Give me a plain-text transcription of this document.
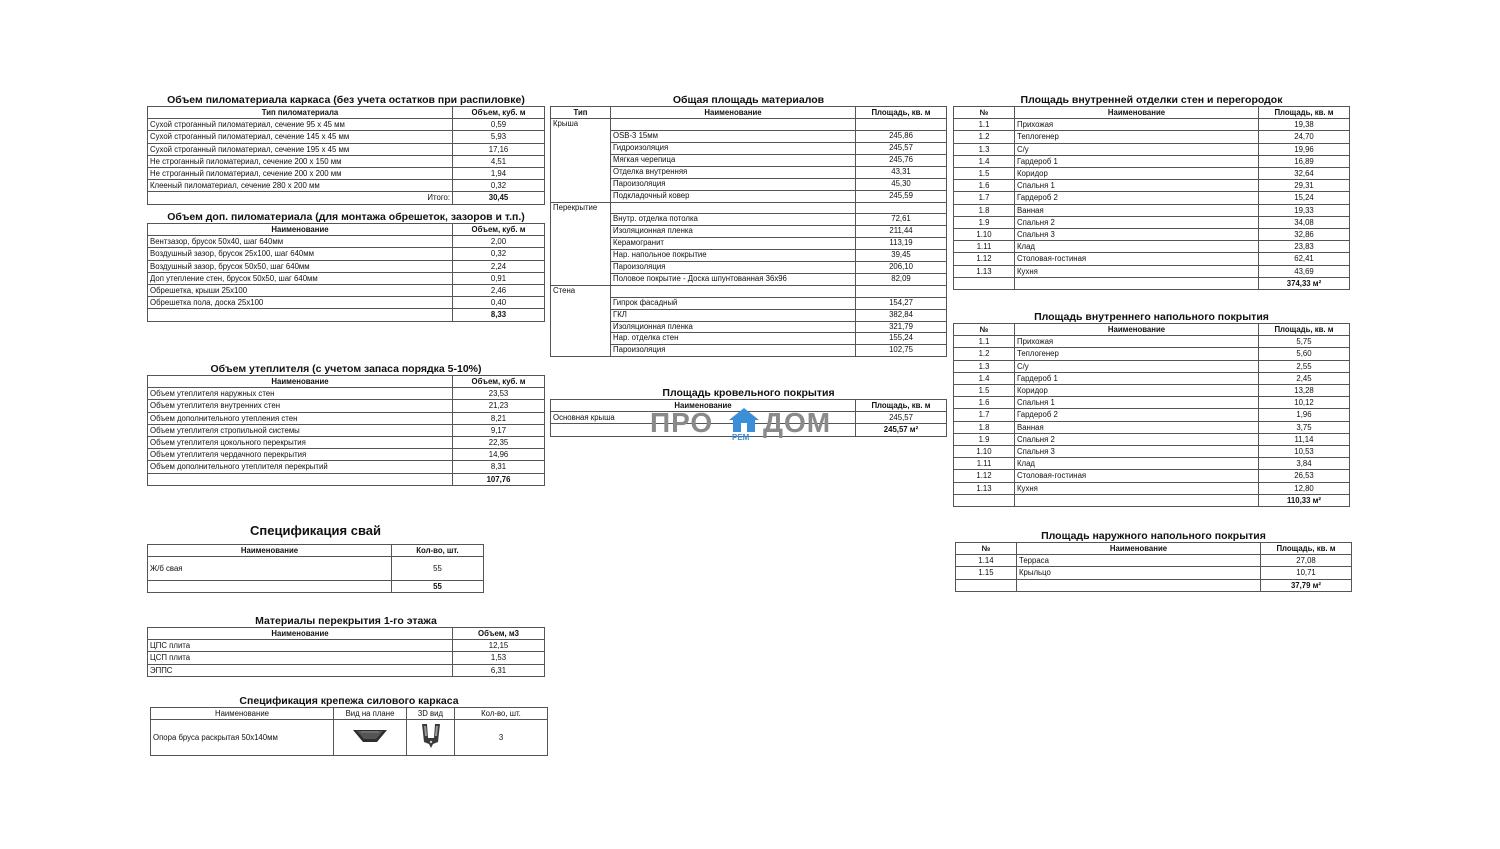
Объем пиломатериала каркаса (без учета остатков при распиловке)
Тип пиломатериала	Объем, куб. м
Сухой строганный пиломатериал, сечение 95 x 45 мм	0,59
Сухой строганный пиломатериал, сечение 145 x 45 мм	5,93
Сухой строганный пиломатериал, сечение 195 x 45 мм	17,16
Не строганный пиломатериал, сечение 200 x 150 мм	4,51
Не строганный пиломатериал, сечение 200 x 200 мм	1,94
Клееный пиломатериал, сечение 280 x 200 мм	0,32
Итого:	30,45
Объем доп. пиломатериала (для монтажа обрешеток, зазоров и т.п.)
Наименование	Объем, куб. м
Вентзазор, брусок 50х40, шаг 640мм	2,00
Воздушный зазор, брусок 25х100, шаг 640мм	0,32
Воздушный зазор, брусок 50х50, шаг 640мм	2,24
Доп утепление стен, брусок 50х50, шаг 640мм	0,91
Обрешетка, крыши 25х100	2,46
Обрешетка пола, доска 25х100	0,40
	8,33
Объем утеплителя (с учетом запаса порядка 5-10%)
Наименование	Объем, куб. м
Объем утеплителя наружных стен	23,53
Объем утеплителя внутренних стен	21,23
Объем дополнительного утепления стен	8,21
Объем утеплителя стропильной системы	9,17
Объем утеплителя цокольного перекрытия	22,35
Объем утеплителя чердачного перекрытия	14,96
Объем дополнительного утеплителя перекрытий	8,31
	107,76
Спецификация свай
Наименование	Кол-во, шт.
Ж/б свая	55
	55
Материалы перекрытия 1-го этажа
Наименование	Объем, м3
ЦПС плита	12,15
ЦСП плита	1,53
ЭППС	6,31
Спецификация крепежа силового каркаса
Наименование	Вид на плане	3D вид	Кол-во, шт.
Опора бруса раскрытая 50х140мм			3
Общая площадь материалов
Тип	Наименование	Площадь, кв. м
Крыша		
	OSB-3 15мм	245,86
	Гидроизоляция	245,57
	Мягкая черепица	245,76
	Отделка внутренняя	43,31
	Пароизоляция	45,30
	Подкладочный ковер	245,59
Перекрытие		
	Внутр. отделка потолка	72,61
	Изоляционная пленка	211,44
	Керамогранит	113,19
	Нар. напольное покрытие	39,45
	Пароизоляция	206,10
	Половое покрытие - Доска шпунтованная 36х96	82,09
Стена		
	Гипрок фасадный	154,27
	ГКЛ	382,84
	Изоляционная пленка	321,79
	Нар. отделка стен	155,24
	Пароизоляция	102,75
Площадь кровельного покрытия
Наименование	Площадь, кв. м
Основная крыша	245,57
	245,57 м²
ПРО ДОМ
РЕМ
Площадь внутренней отделки стен и перегородок
№	Наименование	Площадь, кв. м
1.1	Прихожая	19,38
1.2	Теплогенер	24,70
1.3	С/у	19,96
1.4	Гардероб 1	16,89
1.5	Коридор	32,64
1.6	Спальня 1	29,31
1.7	Гардероб 2	15,24
1.8	Ванная	19,33
1.9	Спальня 2	34,08
1.10	Спальня 3	32,86
1.11	Клад	23,83
1.12	Столовая-гостиная	62,41
1.13	Кухня	43,69
		374,33 м²
Площадь внутреннего напольного покрытия
№	Наименование	Площадь, кв. м
1.1	Прихожая	5,75
1.2	Теплогенер	5,60
1.3	С/у	2,55
1.4	Гардероб 1	2,45
1.5	Коридор	13,28
1.6	Спальня 1	10,12
1.7	Гардероб 2	1,96
1.8	Ванная	3,75
1.9	Спальня 2	11,14
1.10	Спальня 3	10,53
1.11	Клад	3,84
1.12	Столовая-гостиная	26,53
1.13	Кухня	12,80
		110,33 м²
Площадь наружного напольного покрытия
№	Наименование	Площадь, кв. м
1.14	Терраса	27,08
1.15	Крыльцо	10,71
		37,79 м²
